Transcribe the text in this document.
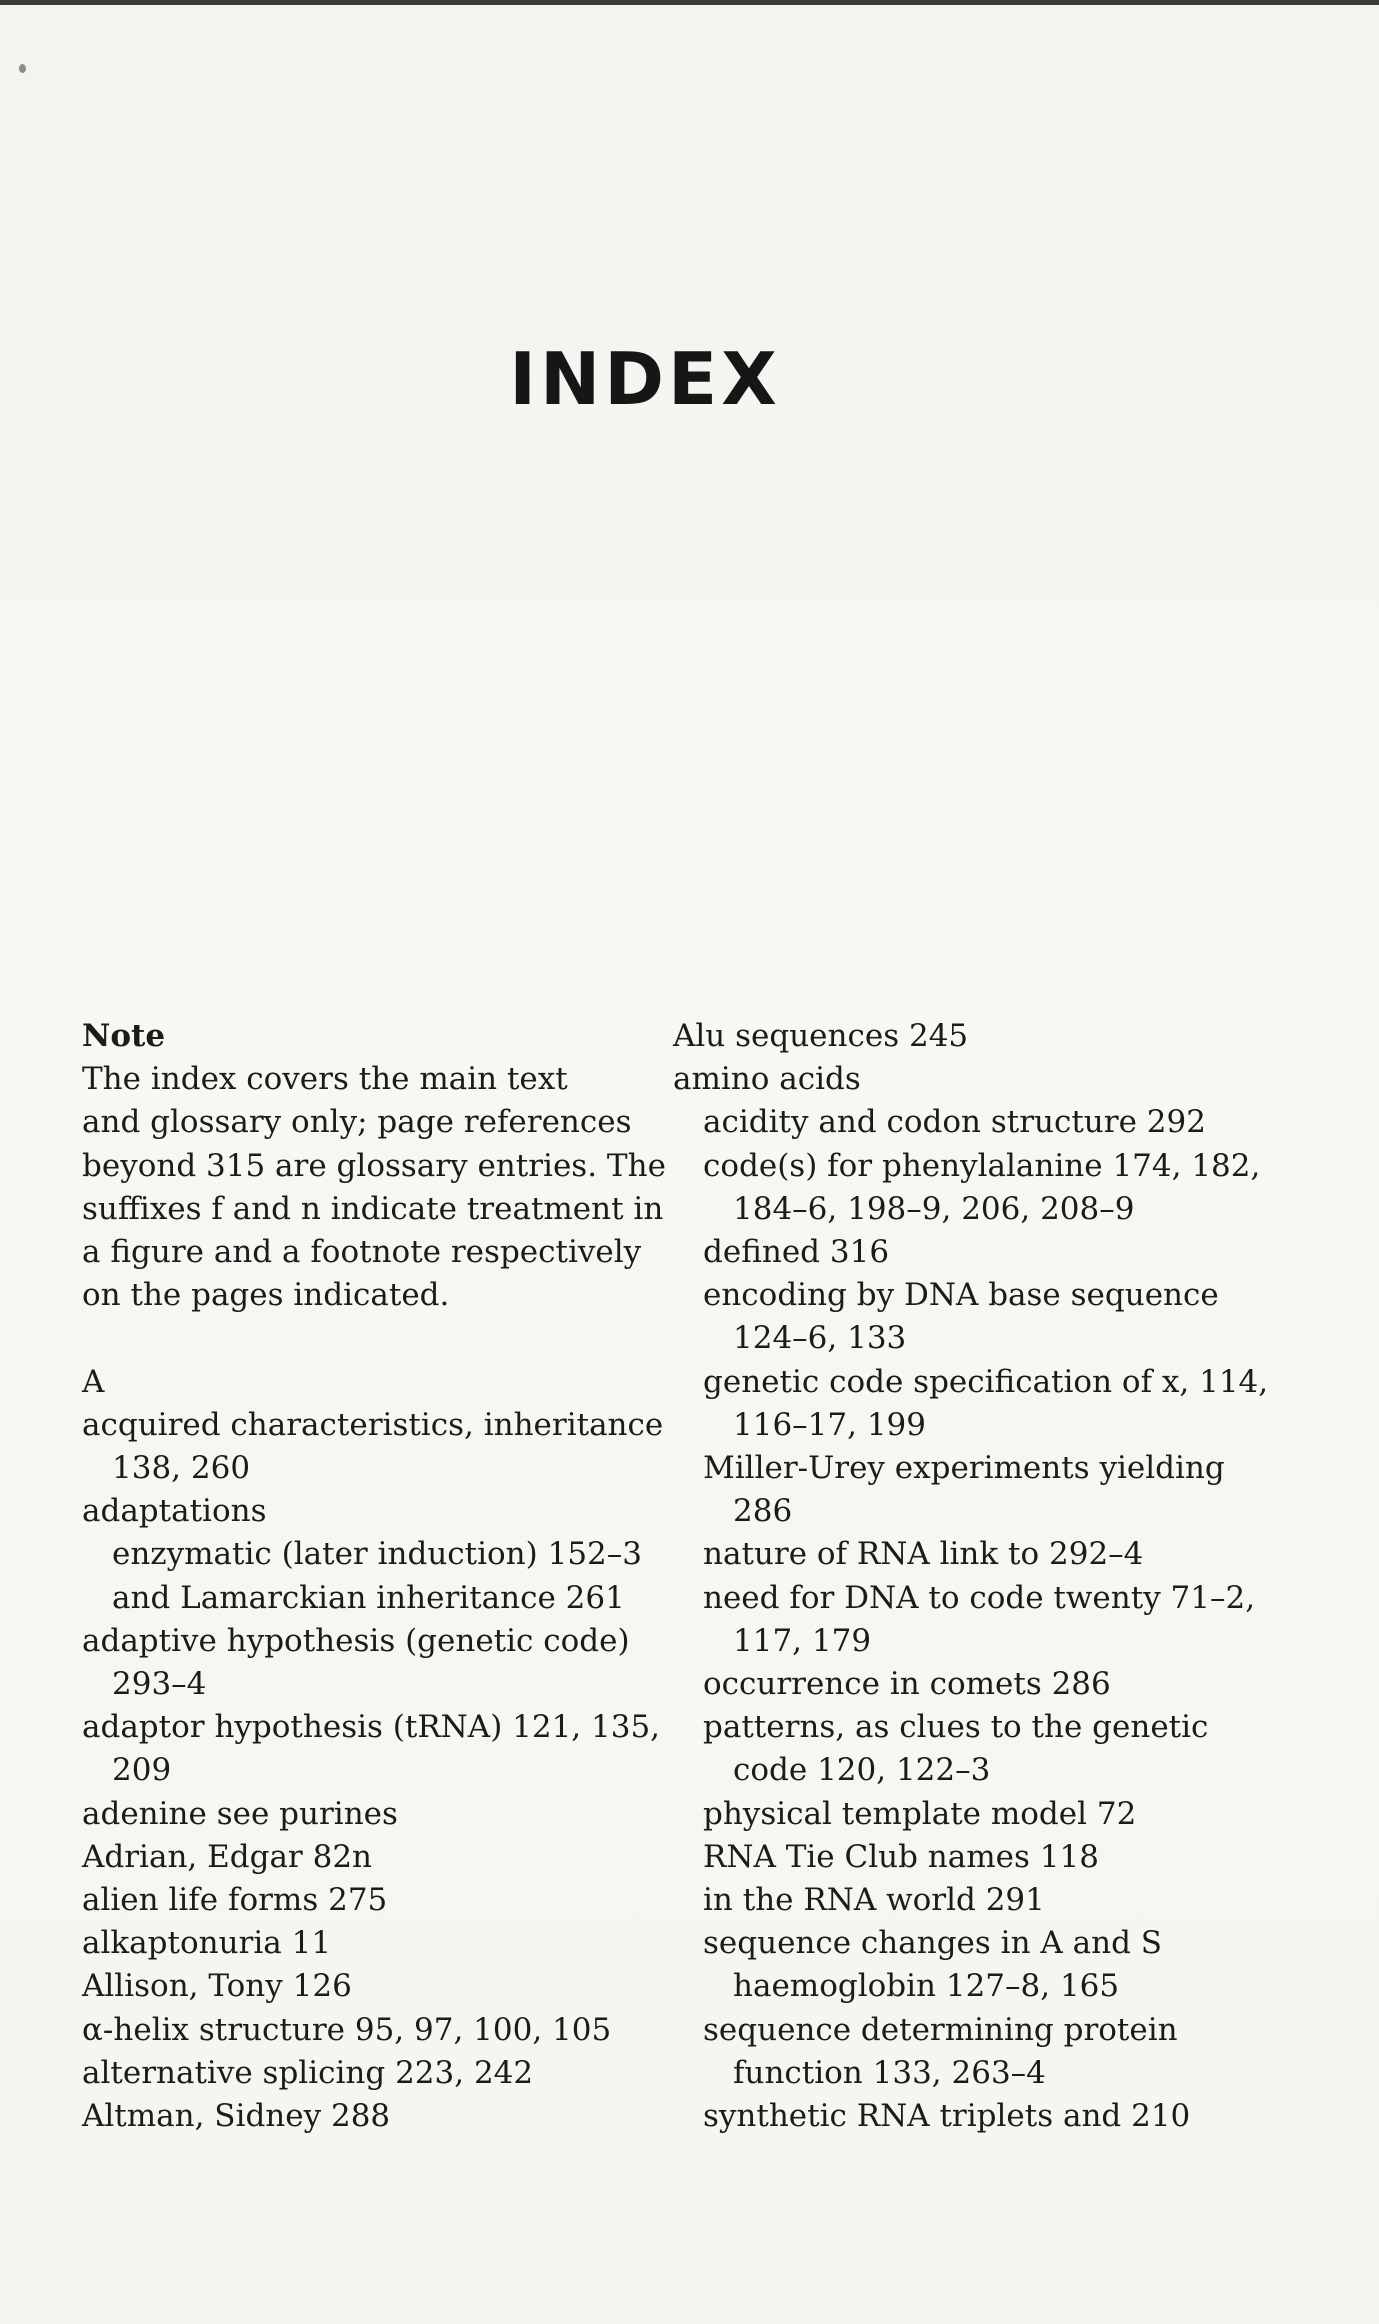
INDEX
Note
The index covers the main text
and glossary only; page references
beyond 315 are glossary entries. The
suffixes f and n indicate treatment in
a figure and a footnote respectively
on the pages indicated.
A
acquired characteristics, inheritance
138, 260
adaptations
enzymatic (later induction) 152–3
and Lamarckian inheritance 261
adaptive hypothesis (genetic code)
293–4
adaptor hypothesis (tRNA) 121, 135,
209
adenine see purines
Adrian, Edgar 82n
alien life forms 275
alkaptonuria 11
Allison, Tony 126
α-helix structure 95, 97, 100, 105
alternative splicing 223, 242
Altman, Sidney 288
Alu sequences 245
amino acids
acidity and codon structure 292
code(s) for phenylalanine 174, 182,
184–6, 198–9, 206, 208–9
defined 316
encoding by DNA base sequence
124–6, 133
genetic code specification of x, 114,
116–17, 199
Miller-Urey experiments yielding
286
nature of RNA link to 292–4
need for DNA to code twenty 71–2,
117, 179
occurrence in comets 286
patterns, as clues to the genetic
code 120, 122–3
physical template model 72
RNA Tie Club names 118
in the RNA world 291
sequence changes in A and S
haemoglobin 127–8, 165
sequence determining protein
function 133, 263–4
synthetic RNA triplets and 210
